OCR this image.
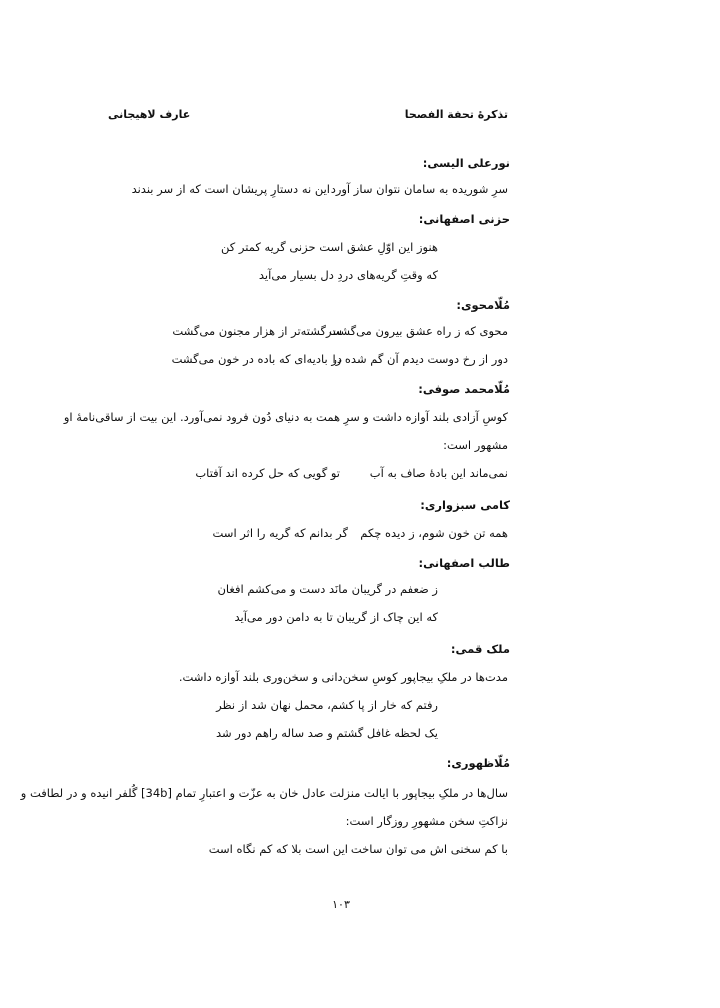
تذکرۀ تحفة الفصحا
عارف لاهیجانی
نورعلی الیسی:
سرِ شوریده به سامان نتوان ساز آورد
این نه دستارِ پریشان است که از سر بندند
حزنی اصفهانی:
هنوز این اوّلِ عشق است حزنی گریه کمتر کن
که وقتِ گریه‌های دردِ دل بسیار می‌آید
مُلّامحوی:
محوی که ز راه عشق بیرون می‌گشت
سرگشته‌تر از هزار مجنون می‌گشت
دور از رخ دوست دیدم آن گم شده را
در بادیه‌ای که باده در خون می‌گشت
مُلّامحمد صوفی:
کوسِ آزادی بلند آوازه داشت و سرِ همت به دنیای دُون فرود نمی‌آورد. این بیت از ساقی‌نامهٔ او
مشهور است:
نمی‌ماند این بادهٔ صاف به آب
تو گویی که حل کرده اند آفتاب
کامی سبزواری:
همه تن خون شوم، ز دیده چکم
گر بدانم که گریه را اثر است
طالب اصفهانی:
ز ضعفم در گریبان مانَد دست و می‌کشم افغان
که این چاک از گریبان تا به دامن دور می‌آید
ملک قمی:
مدت‌ها در ملکِ بیجاپور کوسِ سخن‌دانی و سخن‌وری بلند آوازه داشت.
رفتم که خار از پا کشم، محمل نهان شد از نظر
یک لحظه غافل گشتم و صد ساله راهم دور شد
مُلّاظهوری:
سال‌ها در ملکِ بیجاپور با ایالت منزلت عادل خان به عزّت و اعتبارِ تمام [34b] گُلفر انیده و در لطافت و
نزاکتِ سخن مشهورِ روزگار است:
با کم سخنی اش می توان ساخت
این است بلا که کم نگاه است
۱۰۳
